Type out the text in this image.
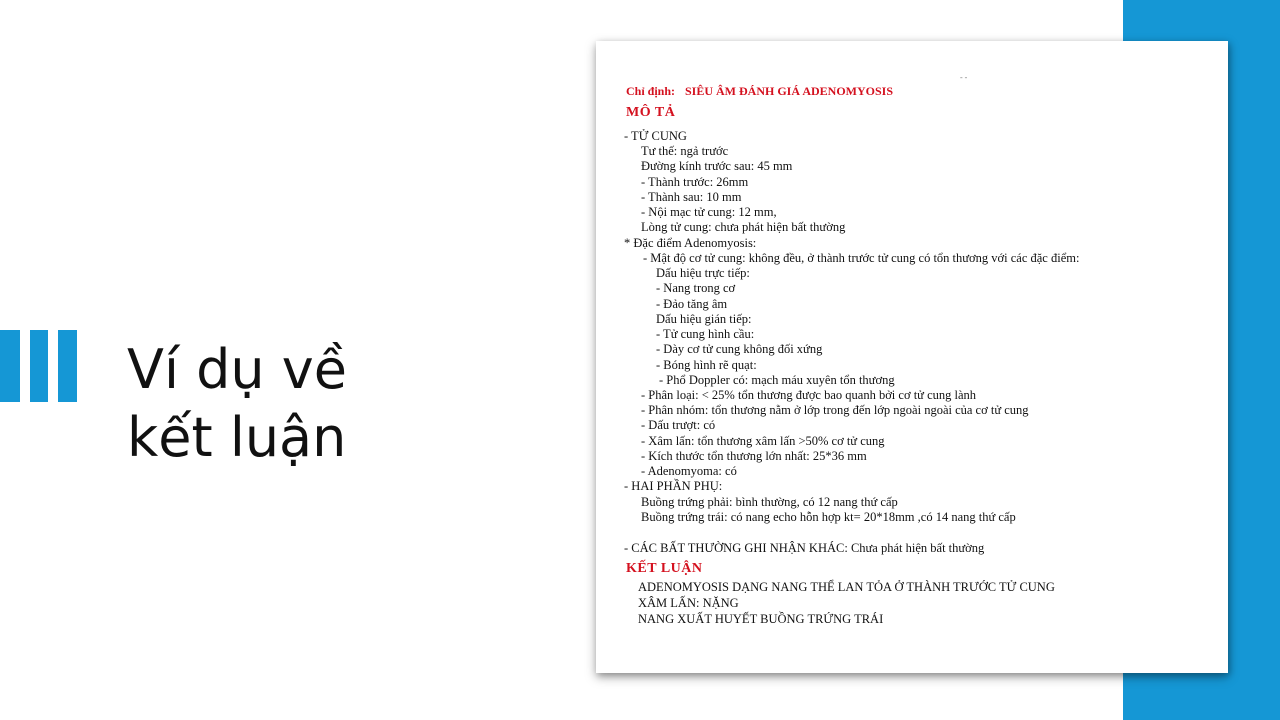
Ví dụ về
kết luận
- -
Chỉ định: SIÊU ÂM ĐÁNH GIÁ ADENOMYOSIS
MÔ TẢ
- TỬ CUNG
Tư thế: ngả trước
Đường kính trước sau: 45 mm
- Thành trước: 26mm
- Thành sau: 10 mm
- Nội mạc tử cung: 12 mm,
Lòng tử cung: chưa phát hiện bất thường
* Đặc điểm Adenomyosis:
- Mật độ cơ tử cung: không đều, ở thành trước tử cung có tổn thương với các đặc điểm:
Dấu hiệu trực tiếp:
- Nang trong cơ
- Đảo tăng âm
Dấu hiệu gián tiếp:
- Tử cung hình cầu:
- Dày cơ tử cung không đối xứng
- Bóng hình rẽ quạt:
- Phổ Doppler có: mạch máu xuyên tổn thương
- Phân loại: < 25% tổn thương được bao quanh bởi cơ tử cung lành
- Phân nhóm: tổn thương nằm ở lớp trong đến lớp ngoài ngoài của cơ tử cung
- Dấu trượt: có
- Xâm lấn: tổn thương xâm lấn >50% cơ tử cung
- Kích thước tổn thương lớn nhất: 25*36 mm
- Adenomyoma: có
- HAI PHẦN PHỤ:
Buồng trứng phải: bình thường, có 12 nang thứ cấp
Buồng trứng trái: có nang echo hỗn hợp kt= 20*18mm ,có 14 nang thứ cấp
- CÁC BẤT THƯỜNG GHI NHẬN KHÁC: Chưa phát hiện bất thường
KẾT LUẬN
ADENOMYOSIS DẠNG NANG THỂ LAN TỎA Ở THÀNH TRƯỚC TỬ CUNG
XÂM LẤN: NẶNG
NANG XUẤT HUYẾT BUỒNG TRỨNG TRÁI
